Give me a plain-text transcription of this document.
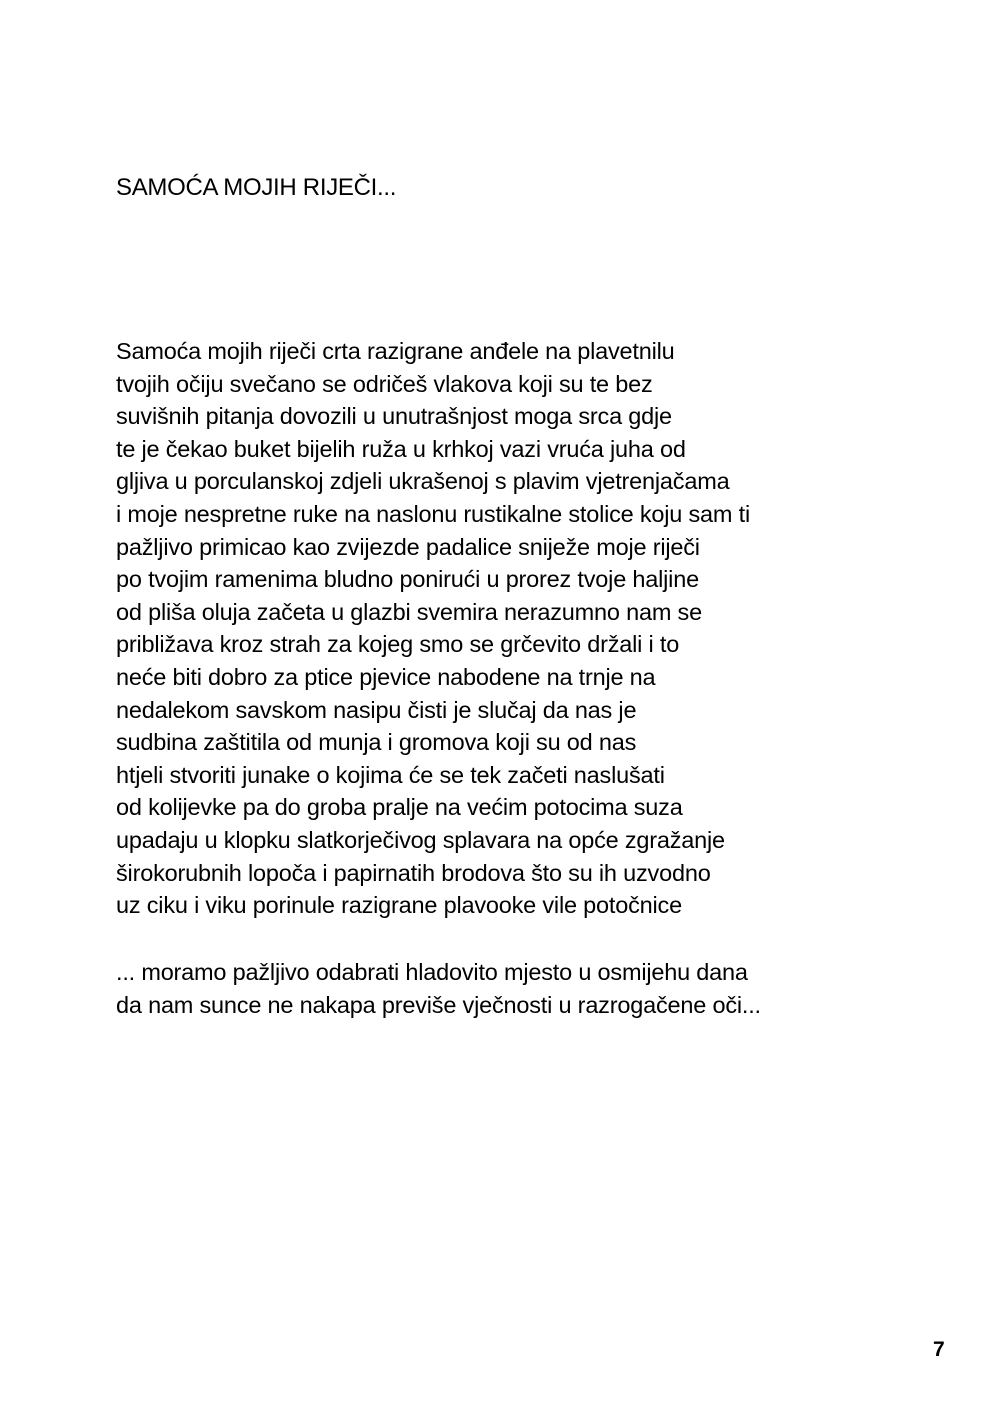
SAMOĆA MOJIH RIJEČI...
Samoća mojih riječi crta razigrane anđele na plavetnilu
tvojih očiju svečano se odričeš vlakova koji su te bez
suvišnih pitanja dovozili u unutrašnjost moga srca gdje
te je čekao buket bijelih ruža u krhkoj vazi vruća juha od
gljiva u porculanskoj zdjeli ukrašenoj s plavim vjetrenjačama
i moje nespretne ruke na naslonu rustikalne stolice koju sam ti
pažljivo primicao kao zvijezde padalice sniježe moje riječi
po tvojim ramenima bludno ponirući u prorez tvoje haljine
od pliša oluja začeta u glazbi svemira nerazumno nam se
približava kroz strah za kojeg smo se grčevito držali i to
neće biti dobro za ptice pjevice nabodene na trnje na
nedalekom savskom nasipu čisti je slučaj da nas je
sudbina zaštitila od munja i gromova koji su od nas
htjeli stvoriti junake o kojima će se tek začeti naslušati
od kolijevke pa do groba pralje na većim potocima suza
upadaju u klopku slatkorječivog splavara na opće zgražanje
širokorubnih lopoča i papirnatih brodova što su ih uzvodno
uz ciku i viku porinule razigrane plavooke vile potočnice
... moramo pažljivo odabrati hladovito mjesto u osmijehu dana
da nam sunce ne nakapa previše vječnosti u razrogačene oči...
7
